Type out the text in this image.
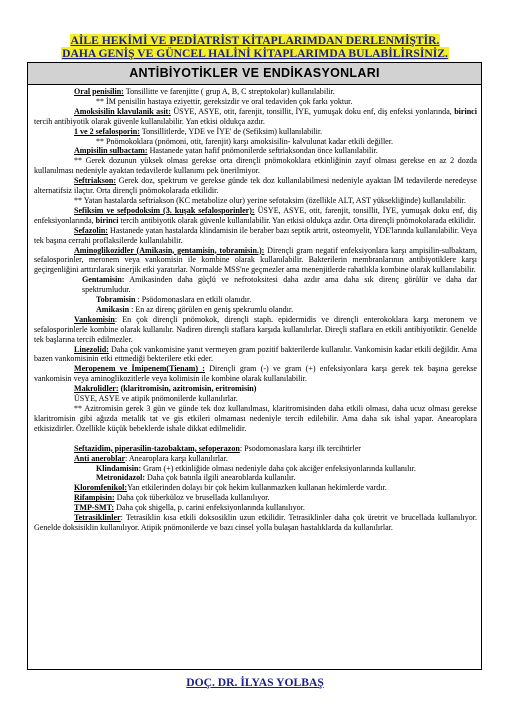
AİLE HEKİMİ VE PEDİATRİST KİTAPLARIMDAN DERLENMİŞTİR.
DAHA GENİŞ VE GÜNCEL HALİNİ KİTAPLARIMDA BULABİLİRSİNİZ.
ANTİBİYOTİKLER VE ENDİKASYONLARI

Oral penisilin: Tonsillitte ve farenjitte ( grup A, B, C streptokolar) kullanılabilir.

** İM penisilin hastaya eziyettir, gereksizdir ve oral tedaviden çok farkı yoktur.

Amoksisilin klavulanik asit: ÜSYE, ASYE, otit, farenjit, tonsillit, İYE, yumuşak doku enf, diş enfeksi yonlarında, birinci tercih antibiyotik olarak güvenle kullanılabilir. Yan etkisi oldukça azdır.

1 ve 2 sefalosporin: Tonsillitlerde, YDE ve İYE' de (Sefiksim) kullanılabilir.

** Pnömokoklara (pnömoni, otit, farenjit) karşı amoksisilin- kalvulunat kadar etkili değiller.

Ampisilin sulbactam: Hastanede yatan hafif pnömonilerde seftriaksondan önce kullanılabilir.

** Gerek dozunun yüksek olması gerekse orta dirençli pnömokoklara etkinliğinin zayıf olması gerekse en az 2 dozda kullanılması nedeniyle ayaktan tedavilerde kullanımı pek önerilmiyor.

Seftriakson: Gerek doz, spektrum ve gerekse günde tek doz kullanılabilmesi nedeniyle ayaktan İM tedavilerde neredeyse alternatifsiz ilaçtır. Orta dirençli pnömokolarada etkilidir.

** Yatan hastalarda seftriakson (KC metabolize olur) yerine sefotaksim (özellikle ALT, AST yüksekliğinde) kullanılabilir.

Sefiksim ve sefpodoksim (3. kuşak sefalosporinler): ÜSYE, ASYE, otit, farenjit, tonsillit, İYE, yumuşak doku enf, diş enfeksiyonlarında, birinci tercih antibiyotik olarak güvenle kullanılabilir. Yan etkisi oldukça azdır. Orta dirençli pnömokolarada etkilidir.

Sefazolin: Hastanede yatan hastalarda klindamisin ile beraber bazı septik artrit, osteomyelit, YDE'larında kullanılabilir. Veya tek başına cerrahi proflaksilerde kullanılabilir.

Aminoglikozidler (Amikasin, gentamisin, tobramisin.): Dirençli gram negatif enfeksiyonlara karşı ampisilin-sulbaktam, sefalosporinler, meronem veya vankomisin ile kombine olarak kullanılabilir. Bakterilerin membranlarının antibiyotiklere karşı geçirgenliğini arttırılarak sinerjik etki yaratırlar. Normalde MSS'ne geçmezler ama menenjitlerde rahatlıkla kombine olarak kullanılabilir.

Gentamisin: Amikasinden daha güçlü ve nefrotoksitesi daha azdır ama daha sık direnç görülür ve daha dar spektrumludur.

Tobramisin : Psödomonaslara en etkili olanıdır.

Amikasin : En az direnç görülen en geniş spekrumlu olandır.

Vankomisin: En çok dirençli pnömokok, dirençli staph. epidermidis ve dirençli enterokoklara karşı meronem ve sefalosporinlerle kombine olarak kullanılır. Nadiren dirençli staflara karşıda kullanılırlar. Direçli staflara en etkili antibiyotiktir. Genelde tek başlarına tercih edilmezler.

Linezolid: Daha çok vankomisine yanıt vermeyen gram pozitif bakterilerde kullanılır. Vankomisin kadar etkili değildir. Ama bazen vankomisinin etki ettmediği bekterilere etki eder.

Meropenem ve İmipenem(Tienam) : Dirençli gram (-) ve gram (+) enfeksiyonlara karşı gerek tek başına gerekse vankomisin veya aminoglikozitlerle veya kolimisin ile kombine olarak kullanılabilir.

Makrolidler: (klaritromisin, azitromisin, eritromisin)

ÜSYE, ASYE ve atipik pnömonilerde kullanılırlar.

** Azitromisin gerek 3 gün ve günde tek doz kullanılması, klaritromisinden daha etkili olması, daha ucuz olması gerekse klaritromisin gibi ağızda metalik tat ve gis etkileri olmaması nedeniyle tercih edilebilir. Ama daha sık ishal yapar. Anearoplara etkisizdirler. Özellikle küçük bebeklerde ishale dikkat edilmelidir.

Seftazidim, piperasilin-tazobaktam, sefoperazon: Psodomonaslara karşı ilk tercihtirler

Anti aneroblar: Anearoplara karşı kullanılırlar.

Klindamisin: Gram (+) etkinliğide olması nedeniyle daha çok akciğer enfeksiyonlarında kullanılır.

Metronidazol: Daha çok batınla ilgili anearoblarda kullanılır.

Kloromfenikol:Yan etkilerinden dolayı bir çok hekim kullanmazken kullanan hekimlerde vardır.

Rifampisin: Daha çok tüberküloz ve brusellada kullanılıyor.

TMP-SMT: Daha çok shigella, p. carini enfeksiyonlarında kullanılıyor.

Tetrasiklinler: Tetrasiklin kısa etkili doksosiklin uzun etkilidir. Tetrasiklinler daha çok üretrit ve brucellada kullanılıyor. Genelde doksisiklin kullanılıyor. Atipik pnömonilerde ve bazı cinsel yolla bulaşan hastalıklarda da kullanılırlar.

DOÇ. DR. İLYAS YOLBAŞ
